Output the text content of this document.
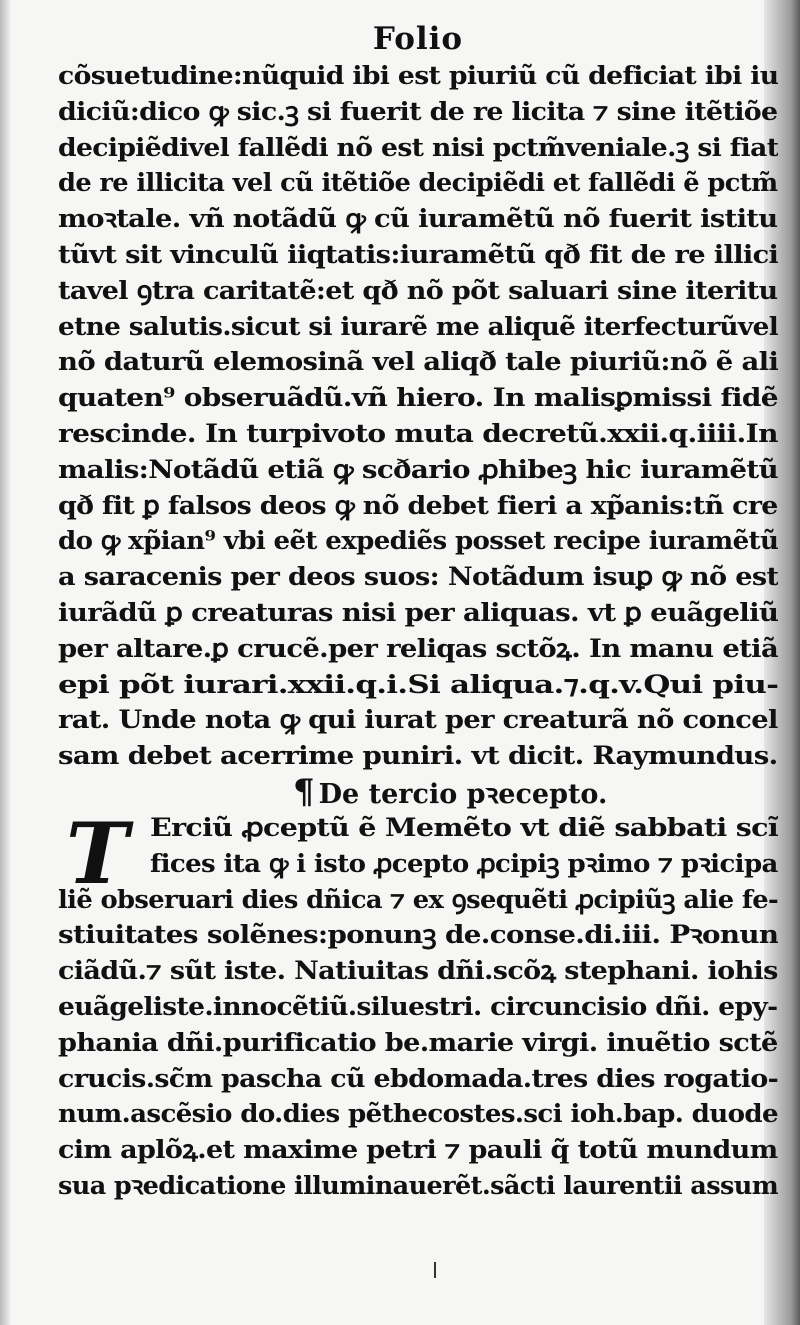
Folio
cõsuetudine:nũquid ibi est piuriũ cũ deficiat ibi iu
diciũ:dico ꝙ sic.ꝫ si fuerit de re licita ⁊ sine itẽtiõe
decipiẽdivel fallẽdi nõ est nisi pctm̃veniale.ꝫ si fiat
de re illicita vel cũ itẽtiõe decipiẽdi et fallẽdi ẽ pctm̃
moꝛtale. vñ notãdũ ꝙ cũ iuramẽtũ nõ fuerit istitu
tũvt sit vinculũ iiqtatis:iuramẽtũ qð fit de re illici
tavel ꝯtra caritatẽ:et qð nõ põt saluari sine iteritu
etne salutis.sicut si iurarẽ me aliquẽ iterfecturũvel
nõ daturũ elemosinã vel aliqð tale piuriũ:nõ ẽ ali
quaten⁹ obseruãdũ.vñ hiero. In malisꝑmissi fidẽ
rescinde. In turpivoto muta decretũ.xxii.q.iiii.In
malis:Notãdũ etiã ꝙ scðario ꝓhibeꝫ hic iuramẽtũ
qð fit ꝑ falsos deos ꝙ nõ debet fieri a xp̃anis:tñ cre
do ꝙ xp̃ian⁹ vbi eẽt expediẽs posset recipe iuramẽtũ
a saracenis per deos suos: Notãdum isuꝑ ꝙ nõ est
iurãdũ ꝑ creaturas nisi per aliquas. vt ꝑ euãgeliũ
per altare.ꝑ crucẽ.per reliqas sctõꝝ. In manu etiã
epi põt iurari.xxii.q.i.Si aliqua.⁊.q.v.Qui piu-
rat. Unde nota ꝙ qui iurat per creaturã nõ concel
sam debet acerrime puniri. vt dicit. Raymundus.
¶ De tercio pꝛecepto.
T Erciũ ꝓceptũ ẽ Memẽto vt diẽ sabbati scĩ
fices ita ꝙ i isto ꝓcepto ꝓcipiꝫ pꝛimo ⁊ pꝛicipa
liẽ obseruari dies dñica ⁊ ex ꝯsequẽti ꝓcipiũꝫ alie fe-
stiuitates solẽnes:ponunꝫ de.conse.di.iii. Pꝛonun
ciãdũ.⁊ sũt iste. Natiuitas dñi.scõꝝ stephani. iohis
euãgeliste.innocẽtiũ.siluestri. circuncisio dñi. epy-
phania dñi.purificatio be.marie virgi. inuẽtio sctẽ
crucis.sc̃m pascha cũ ebdomada.tres dies rogatio-
num.ascẽsio do.dies pẽthecostes.sci ioh.bap. duode
cim aplõꝝ.et maxime petri ⁊ pauli q̃ totũ mundum
sua pꝛedicatione illuminauerẽt.sãcti laurentii assum
